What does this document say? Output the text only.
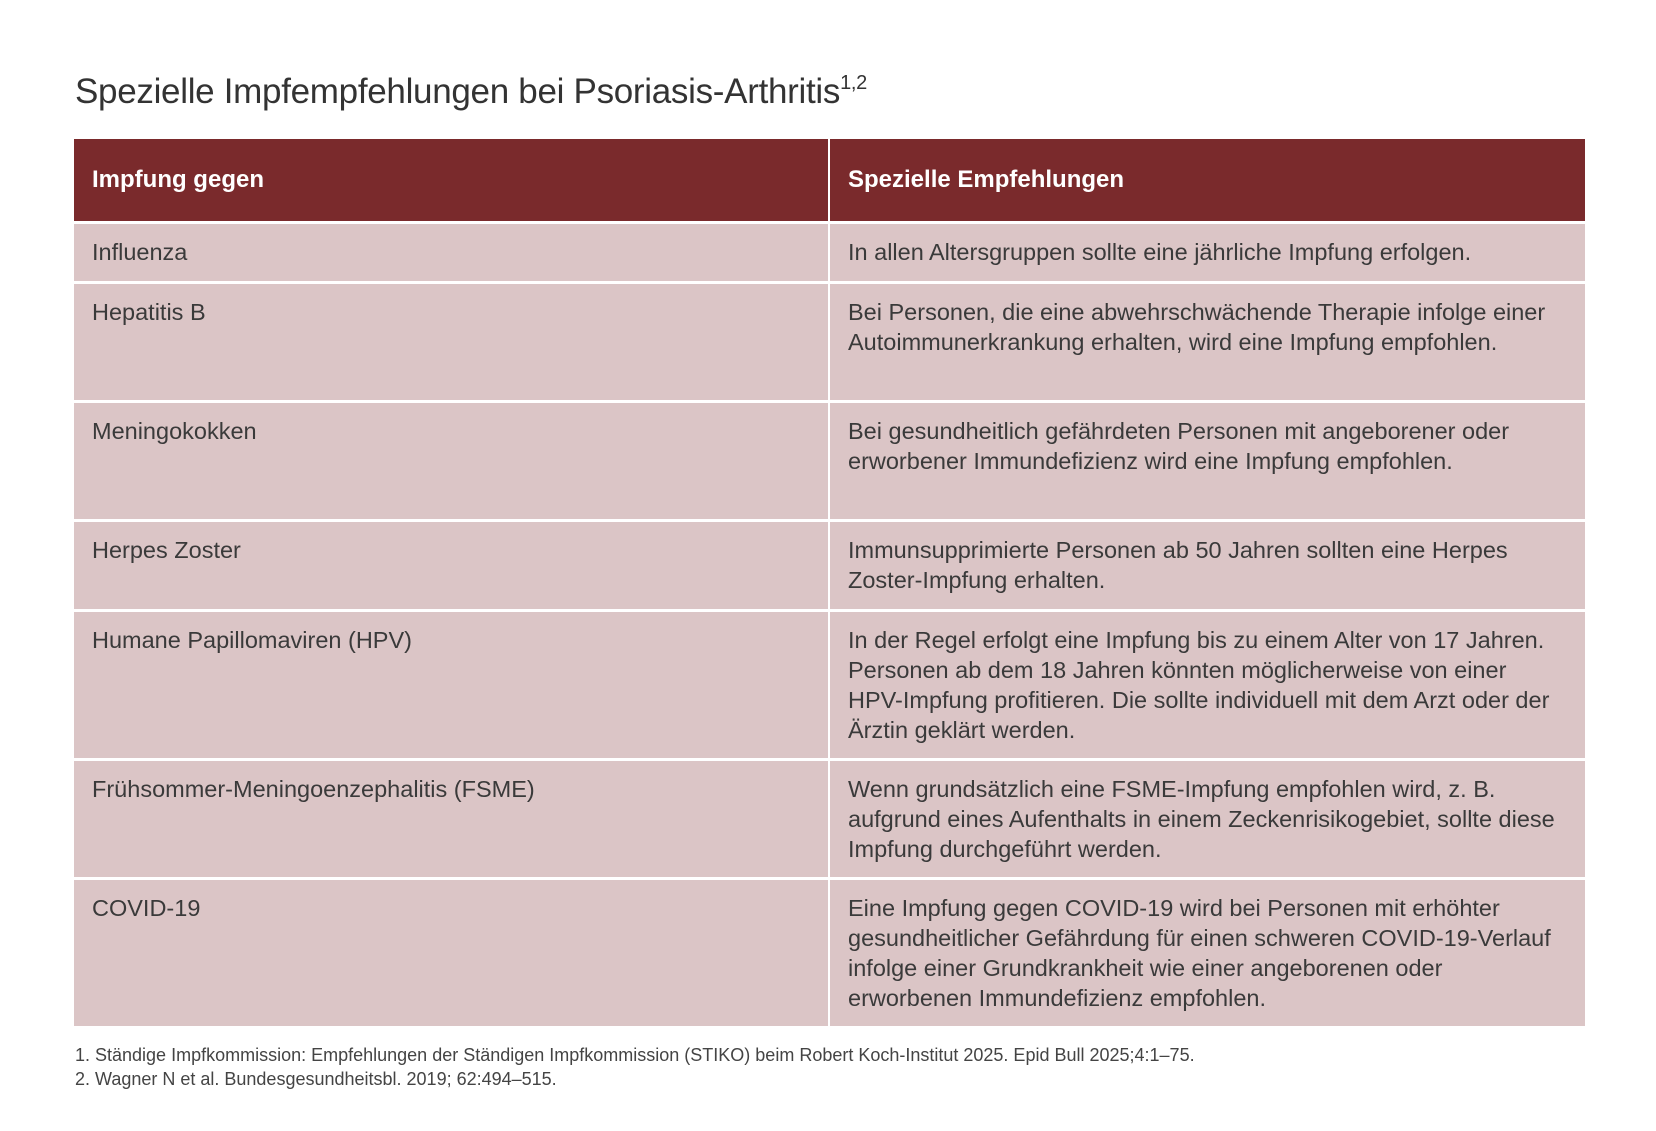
Spezielle Impfempfehlungen bei Psoriasis-Arthritis$^{1,2}$
Impfung gegen	Spezielle Empfehlungen
Influenza	In allen Altersgruppen sollte eine jährliche Impfung erfolgen.
Hepatitis B	Bei Personen, die eine abwehrschwächende Therapie infolge einer Autoimmunerkrankung erhalten, wird eine Impfung empfohlen.
Meningokokken	Bei gesundheitlich gefährdeten Personen mit angeborener oder erworbener Immundefizienz wird eine Impfung empfohlen.
Herpes Zoster	Immunsupprimierte Personen ab 50 Jahren sollten eine Herpes Zoster-Impfung erhalten.
Humane Papillomaviren (HPV)	In der Regel erfolgt eine Impfung bis zu einem Alter von 17 Jahren. Personen ab dem 18 Jahren könnten möglicherweise von einer HPV-Impfung profitieren. Die sollte individuell mit dem Arzt oder der Ärztin geklärt werden.
Frühsommer-Meningoenzephalitis (FSME)	Wenn grundsätzlich eine FSME-Impfung empfohlen wird, z. B. aufgrund eines Aufenthalts in einem Zeckenrisikogebiet, sollte diese Impfung durchgeführt werden.
COVID-19	Eine Impfung gegen COVID-19 wird bei Personen mit erhöhter gesundheitlicher Gefährdung für einen schweren COVID-19-Verlauf infolge einer Grundkrankheit wie einer angeborenen oder erworbenen Immundefizienz empfohlen.

1. Ständige Impfkommission: Empfehlungen der Ständigen Impfkommission (STIKO) beim Robert Koch-Institut 2025. Epid Bull 2025;4:1–75.

2. Wagner N et al. Bundesgesundheitsbl. 2019; 62:494–515.
